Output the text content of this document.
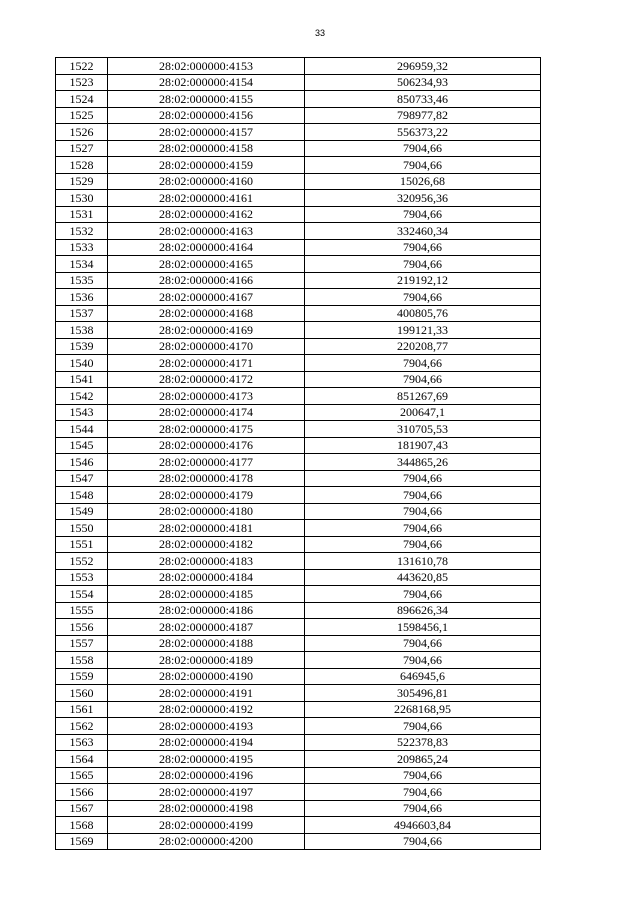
33
1522	28:02:000000:4153	296959,32
1523	28:02:000000:4154	506234,93
1524	28:02:000000:4155	850733,46
1525	28:02:000000:4156	798977,82
1526	28:02:000000:4157	556373,22
1527	28:02:000000:4158	7904,66
1528	28:02:000000:4159	7904,66
1529	28:02:000000:4160	15026,68
1530	28:02:000000:4161	320956,36
1531	28:02:000000:4162	7904,66
1532	28:02:000000:4163	332460,34
1533	28:02:000000:4164	7904,66
1534	28:02:000000:4165	7904,66
1535	28:02:000000:4166	219192,12
1536	28:02:000000:4167	7904,66
1537	28:02:000000:4168	400805,76
1538	28:02:000000:4169	199121,33
1539	28:02:000000:4170	220208,77
1540	28:02:000000:4171	7904,66
1541	28:02:000000:4172	7904,66
1542	28:02:000000:4173	851267,69
1543	28:02:000000:4174	200647,1
1544	28:02:000000:4175	310705,53
1545	28:02:000000:4176	181907,43
1546	28:02:000000:4177	344865,26
1547	28:02:000000:4178	7904,66
1548	28:02:000000:4179	7904,66
1549	28:02:000000:4180	7904,66
1550	28:02:000000:4181	7904,66
1551	28:02:000000:4182	7904,66
1552	28:02:000000:4183	131610,78
1553	28:02:000000:4184	443620,85
1554	28:02:000000:4185	7904,66
1555	28:02:000000:4186	896626,34
1556	28:02:000000:4187	1598456,1
1557	28:02:000000:4188	7904,66
1558	28:02:000000:4189	7904,66
1559	28:02:000000:4190	646945,6
1560	28:02:000000:4191	305496,81
1561	28:02:000000:4192	2268168,95
1562	28:02:000000:4193	7904,66
1563	28:02:000000:4194	522378,83
1564	28:02:000000:4195	209865,24
1565	28:02:000000:4196	7904,66
1566	28:02:000000:4197	7904,66
1567	28:02:000000:4198	7904,66
1568	28:02:000000:4199	4946603,84
1569	28:02:000000:4200	7904,66
